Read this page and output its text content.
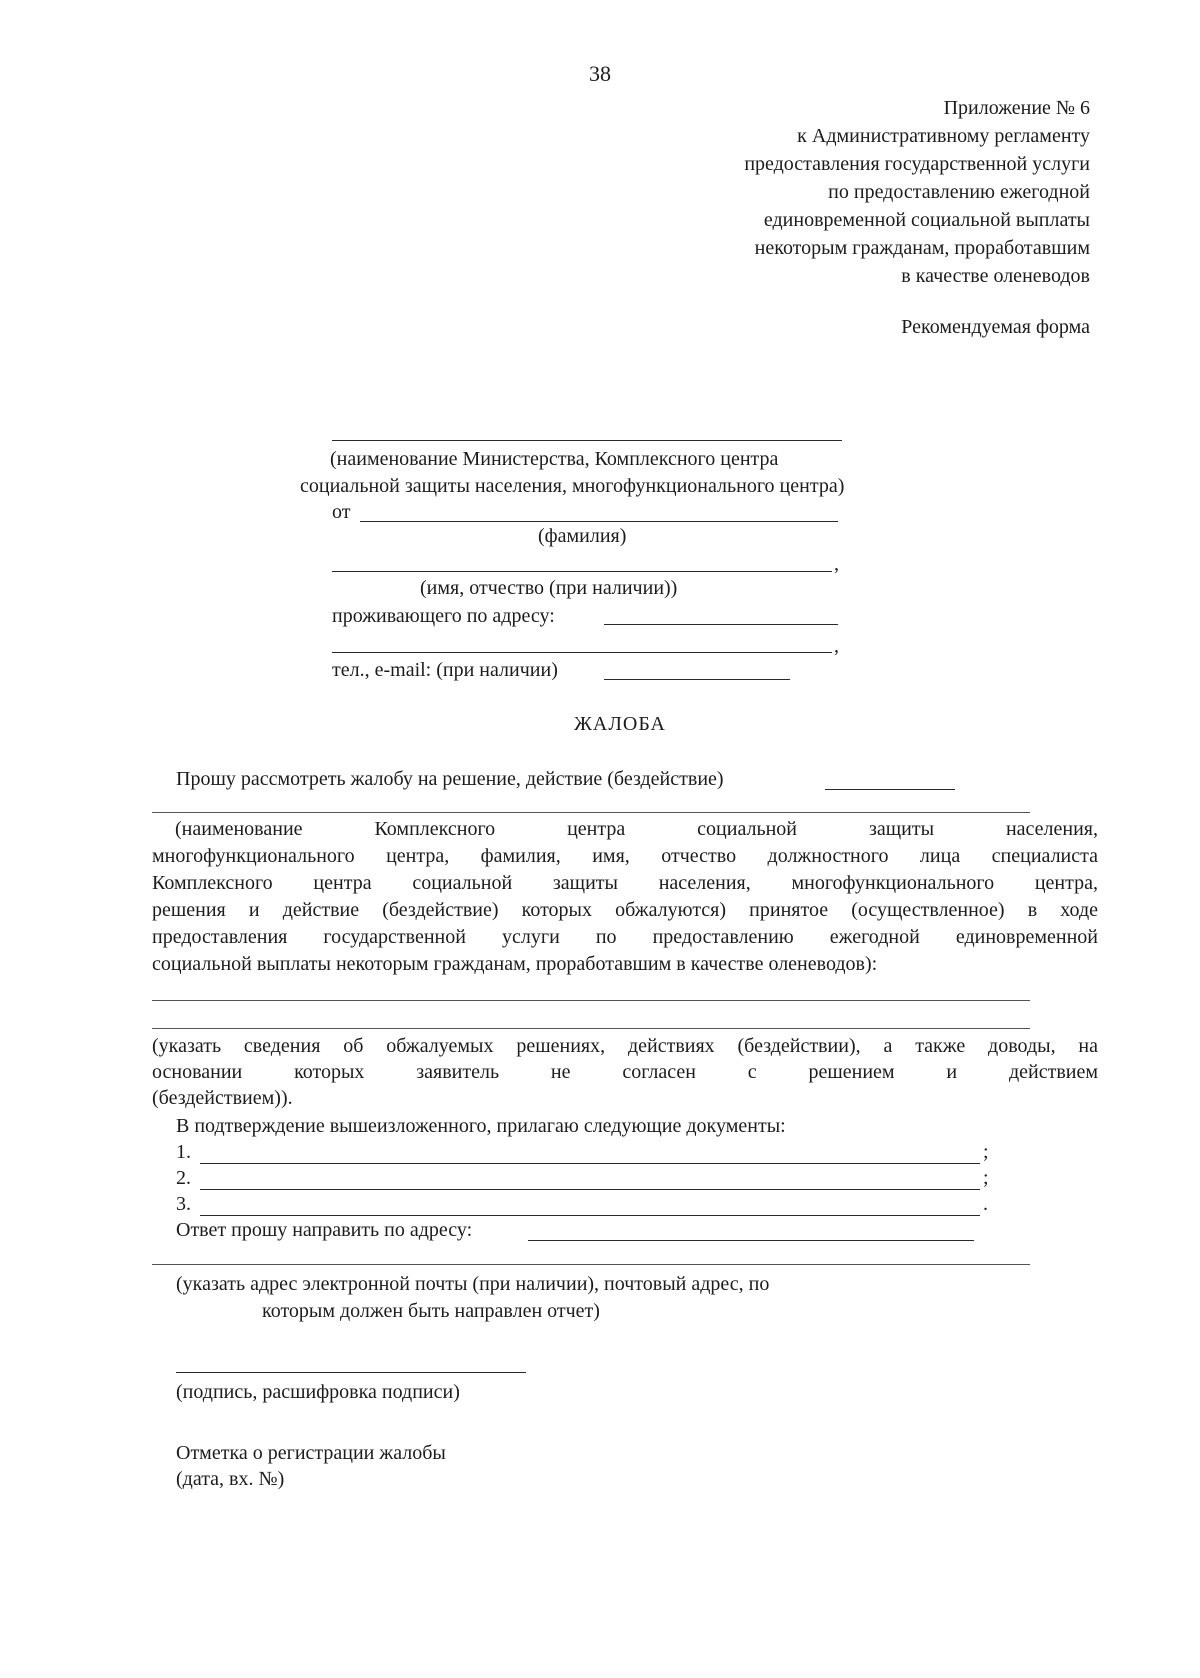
38
Приложение № 6
к Административному регламенту
предоставления государственной услуги
по предоставлению ежегодной
единовременной социальной выплаты
некоторым гражданам, проработавшим
в качестве оленеводов
Рекомендуемая форма
(наименование Министерства, Комплексного центра
социальной защиты населения, многофункционального центра)
от
(фамилия)
,
(имя, отчество (при наличии))
проживающего по адресу:
,
тел., e-mail: (при наличии)
ЖАЛОБА
Прошу рассмотреть жалобу на решение, действие (бездействие)
(наименование Комплексного центра социальной защиты населения,
многофункционального центра, фамилия, имя, отчество должностного лица специалиста
Комплексного центра социальной защиты населения, многофункционального центра,
решения и действие (бездействие) которых обжалуются) принятое (осуществленное) в ходе
предоставления государственной услуги по предоставлению ежегодной единовременной
социальной выплаты некоторым гражданам, проработавшим в качестве оленеводов):
(указать сведения об обжалуемых решениях, действиях (бездействии), а также доводы, на
основании которых заявитель не согласен с решением и действием
(бездействием)).
В подтверждение вышеизложенного, прилагаю следующие документы:
1.	;
2.	;
3.	.
Ответ прошу направить по адресу:
(указать адрес электронной почты (при наличии), почтовый адрес, по
которым должен быть направлен отчет)
(подпись, расшифровка подписи)
Отметка о регистрации жалобы
(дата, вх. №)
